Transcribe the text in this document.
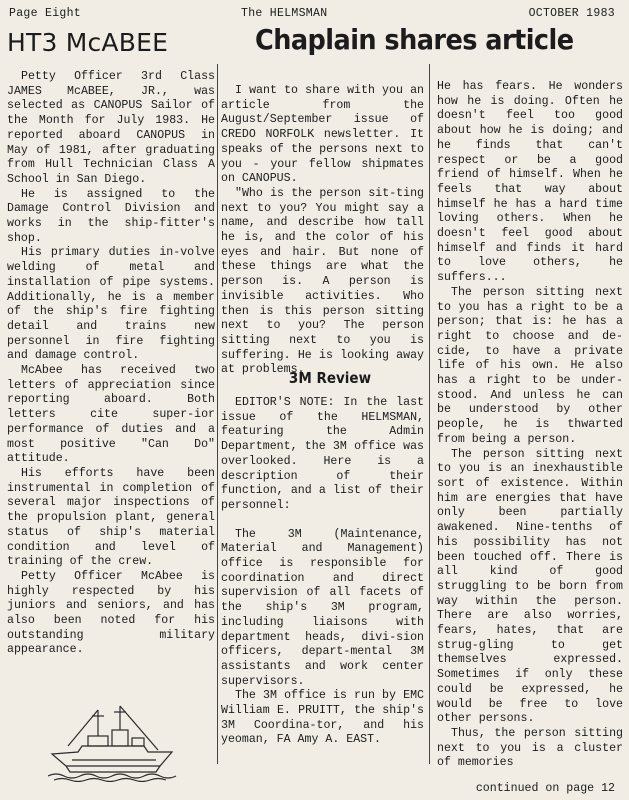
Page Eight	The HELMSMAN	OCTOBER 1983
HT3 McABEE	Chaplain shares article

Petty Officer 3rd Class JAMES McABEE, JR., was selected as CANOPUS Sailor of the Month for July 1983. He reported aboard CANOPUS in May of 1981, after graduating from Hull Technician Class A School in San Diego.

He is assigned to the Damage Control Division and works in the ship-fitter's shop.

His primary duties in-volve welding of metal and installation of pipe systems. Additionally, he is a member of the ship's fire fighting detail and trains new personnel in fire fighting and damage control.

McAbee has received two letters of appreciation since reporting aboard. Both letters cite super-ior performance of duties and a most positive "Can Do" attitude.

His efforts have been instrumental in completion of several major inspections of the propulsion plant, general status of ship's material condition and level of training of the crew.

Petty Officer McAbee is highly respected by his juniors and seniors, and has also been noted for his outstanding military appearance.

I want to share with you an article from the August/September issue of CREDO NORFOLK newsletter. It speaks of the persons next to you - your fellow shipmates on CANOPUS.

"Who is the person sit-ting next to you? You might say a name, and describe how tall he is, and the color of his eyes and hair. But none of these things are what the person is. A person is invisible activities. Who then is this person sitting next to you? The person sitting next to you is suffering. He is looking away at problems.

3M Review

EDITOR'S NOTE: In the last issue of the HELMSMAN, featuring the Admin Department, the 3M office was overlooked. Here is a description of their function, and a list of their personnel:

The 3M (Maintenance, Material and Management) office is responsible for coordination and direct supervision of all facets of the ship's 3M program, including liaisons with department heads, divi-sion officers, depart-mental 3M assistants and work center supervisors.

The 3M office is run by EMC William E. PRUITT, the ship's 3M Coordina-tor, and his yeoman, FA Amy A. EAST.

He has fears. He wonders how he is doing. Often he doesn't feel too good about how he is doing; and he finds that can't respect or be a good friend of himself. When he feels that way about himself he has a hard time loving others. When he doesn't feel good about himself and finds it hard to love others, he suffers...

The person sitting next to you has a right to be a person; that is: he has a right to choose and de-cide, to have a private life of his own. He also has a right to be under-stood. And unless he can be understood by other people, he is thwarted from being a person.

The person sitting next to you is an inexhaustible sort of existence. Within him are energies that have only been partially awakened. Nine-tenths of his possibility has not been touched off. There is all kind of good struggling to be born from way within the person. There are also worries, fears, hates, that are strug-gling to get themselves expressed. Sometimes if only these could be expressed, he would be free to love other persons.

Thus, the person sitting next to you is a cluster of memories

continued on page 12
